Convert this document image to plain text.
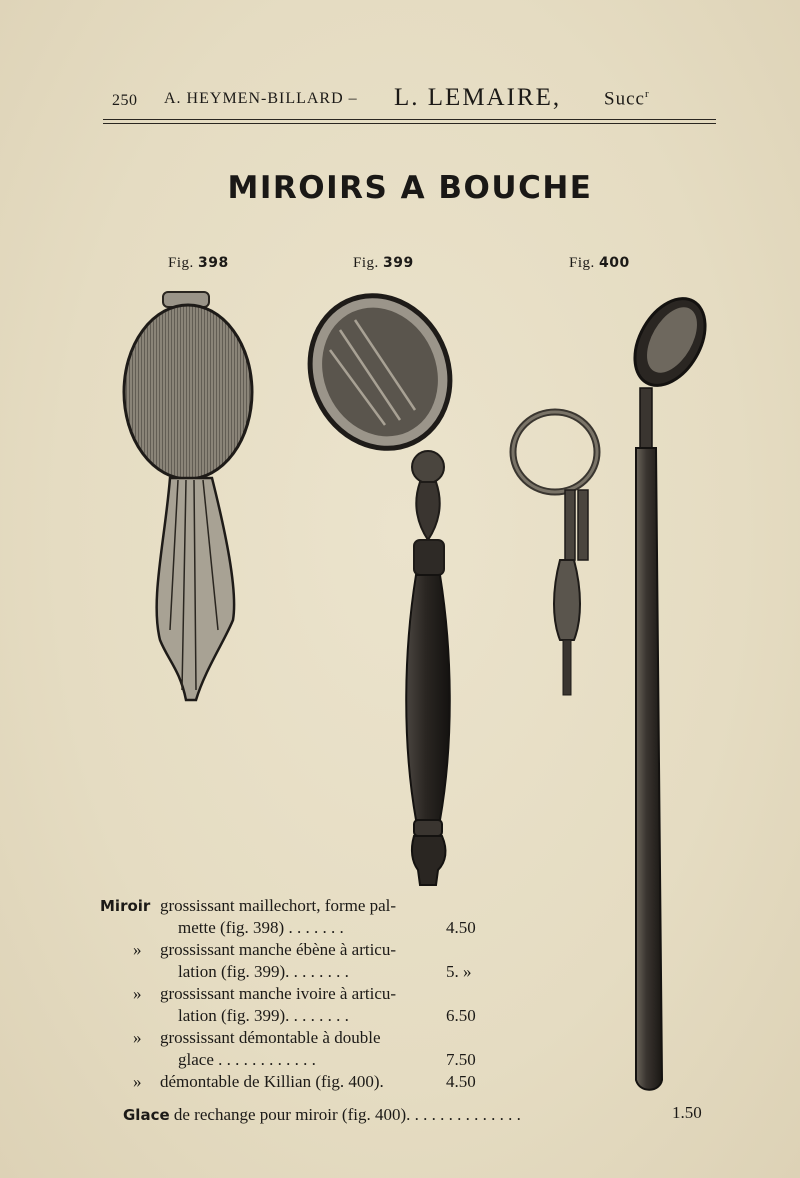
250 A. HEYMEN-BILLARD – L. LEMAIRE, Succ$^r$
MIROIRS A BOUCHE
Fig. 398	Fig. 399	Fig. 400
Miroir grossissant maillechort, forme pal-
mette (fig. 398) . . . . . . .	4.50
» grossissant manche ébène à articu-
lation (fig. 399). . . . . . . .	5. »
» grossissant manche ivoire à articu-
lation (fig. 399). . . . . . . .	6.50
» grossissant démontable à double
glace . . . . . . . . . . . .	7.50
» démontable de Killian (fig. 400).	4.50
Glace de rechange pour miroir (fig. 400). . . . . . . . . . . . . .	1.50
